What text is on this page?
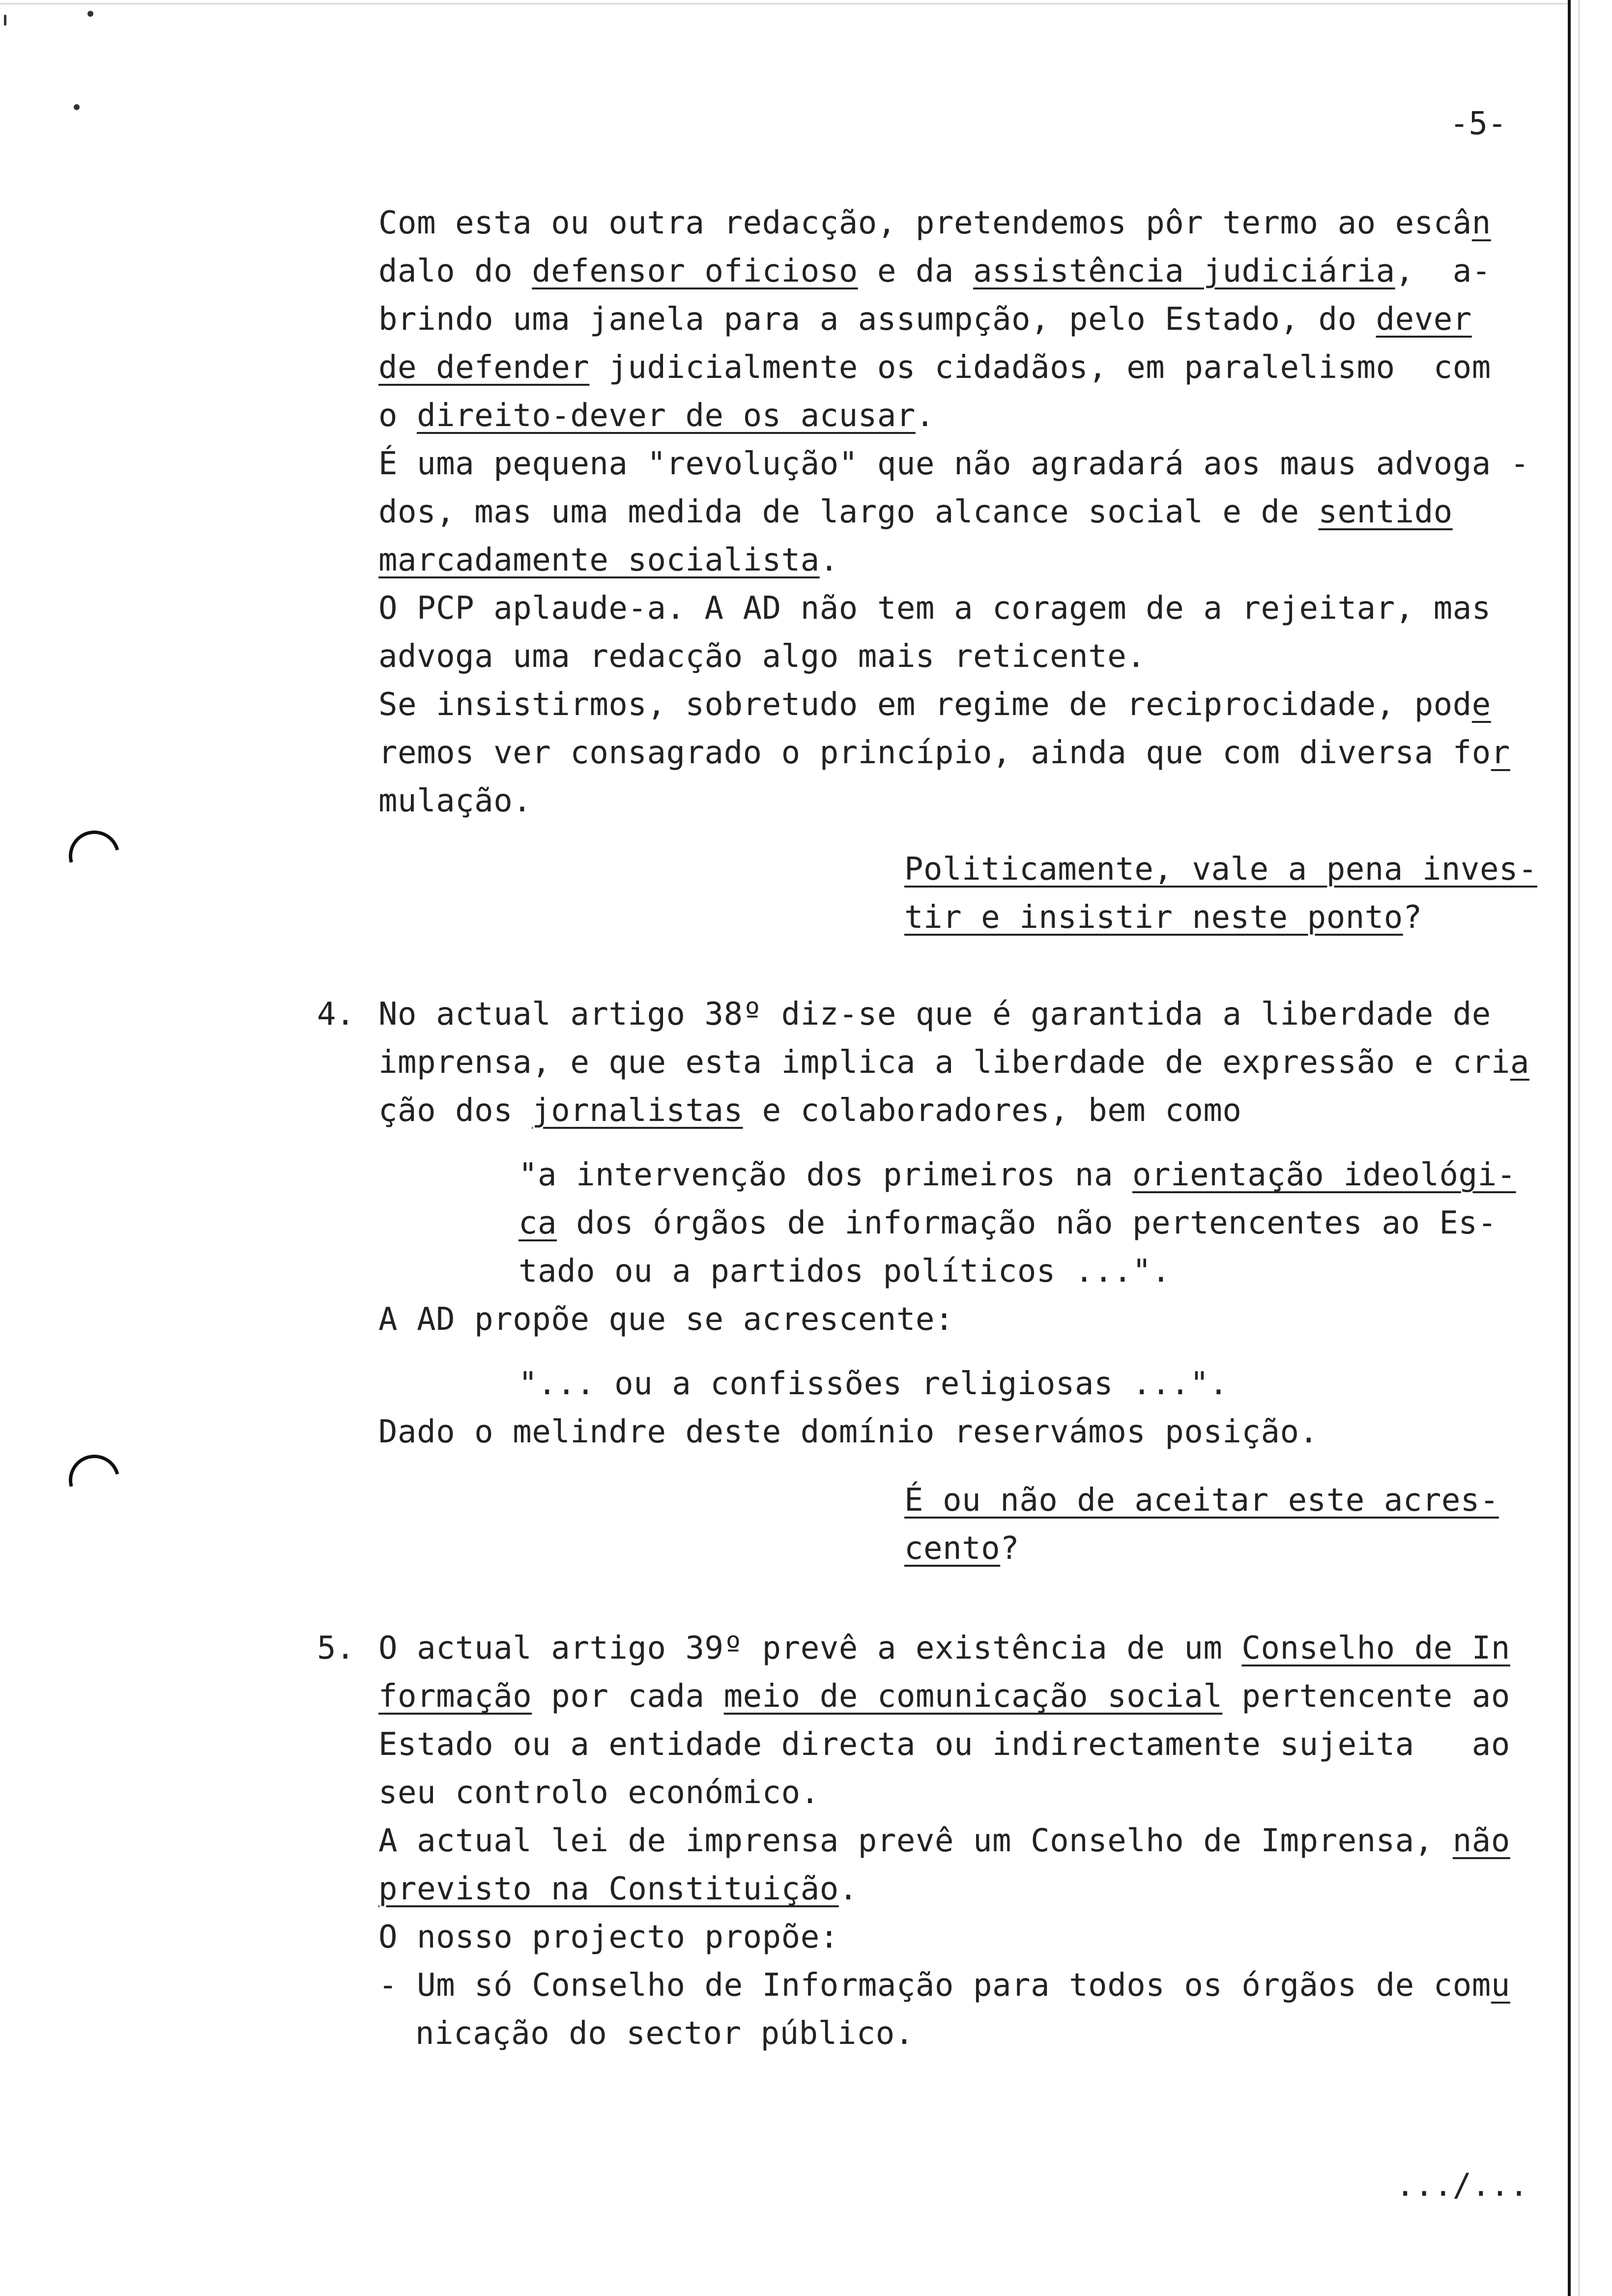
-5-
Com esta ou outra redacção, pretendemos pôr termo ao escân
dalo do defensor oficioso e da assistência judiciária,  a-
brindo uma janela para a assumpção, pelo Estado, do dever
de defender judicialmente os cidadãos, em paralelismo  com
o direito-dever de os acusar.
É uma pequena "revolução" que não agradará aos maus advoga -
dos, mas uma medida de largo alcance social e de sentido
marcadamente socialista.
O PCP aplaude-a. A AD não tem a coragem de a rejeitar, mas
advoga uma redacção algo mais reticente.
Se insistirmos, sobretudo em regime de reciprocidade, pode
remos ver consagrado o princípio, ainda que com diversa for
mulação.
Politicamente, vale a pena inves-
tir e insistir neste ponto?
No actual artigo 38º diz-se que é garantida a liberdade de
imprensa, e que esta implica a liberdade de expressão e cria
ção dos jornalistas e colaboradores, bem como
"a intervenção dos primeiros na orientação ideológi-
ca dos órgãos de informação não pertencentes ao Es-
tado ou a partidos políticos ...".
A AD propõe que se acrescente:
"... ou a confissões religiosas ...".
Dado o melindre deste domínio reservámos posição.
É ou não de aceitar este acres-
cento?
O actual artigo 39º prevê a existência de um Conselho de In
formação por cada meio de comunicação social pertencente ao
Estado ou a entidade directa ou indirectamente sujeita   ao
seu controlo económico.
A actual lei de imprensa prevê um Conselho de Imprensa, não
previsto na Constituição.
O nosso projecto propõe:
- Um só Conselho de Informação para todos os órgãos de comu
nicação do sector público.
4.
5.
.../...
